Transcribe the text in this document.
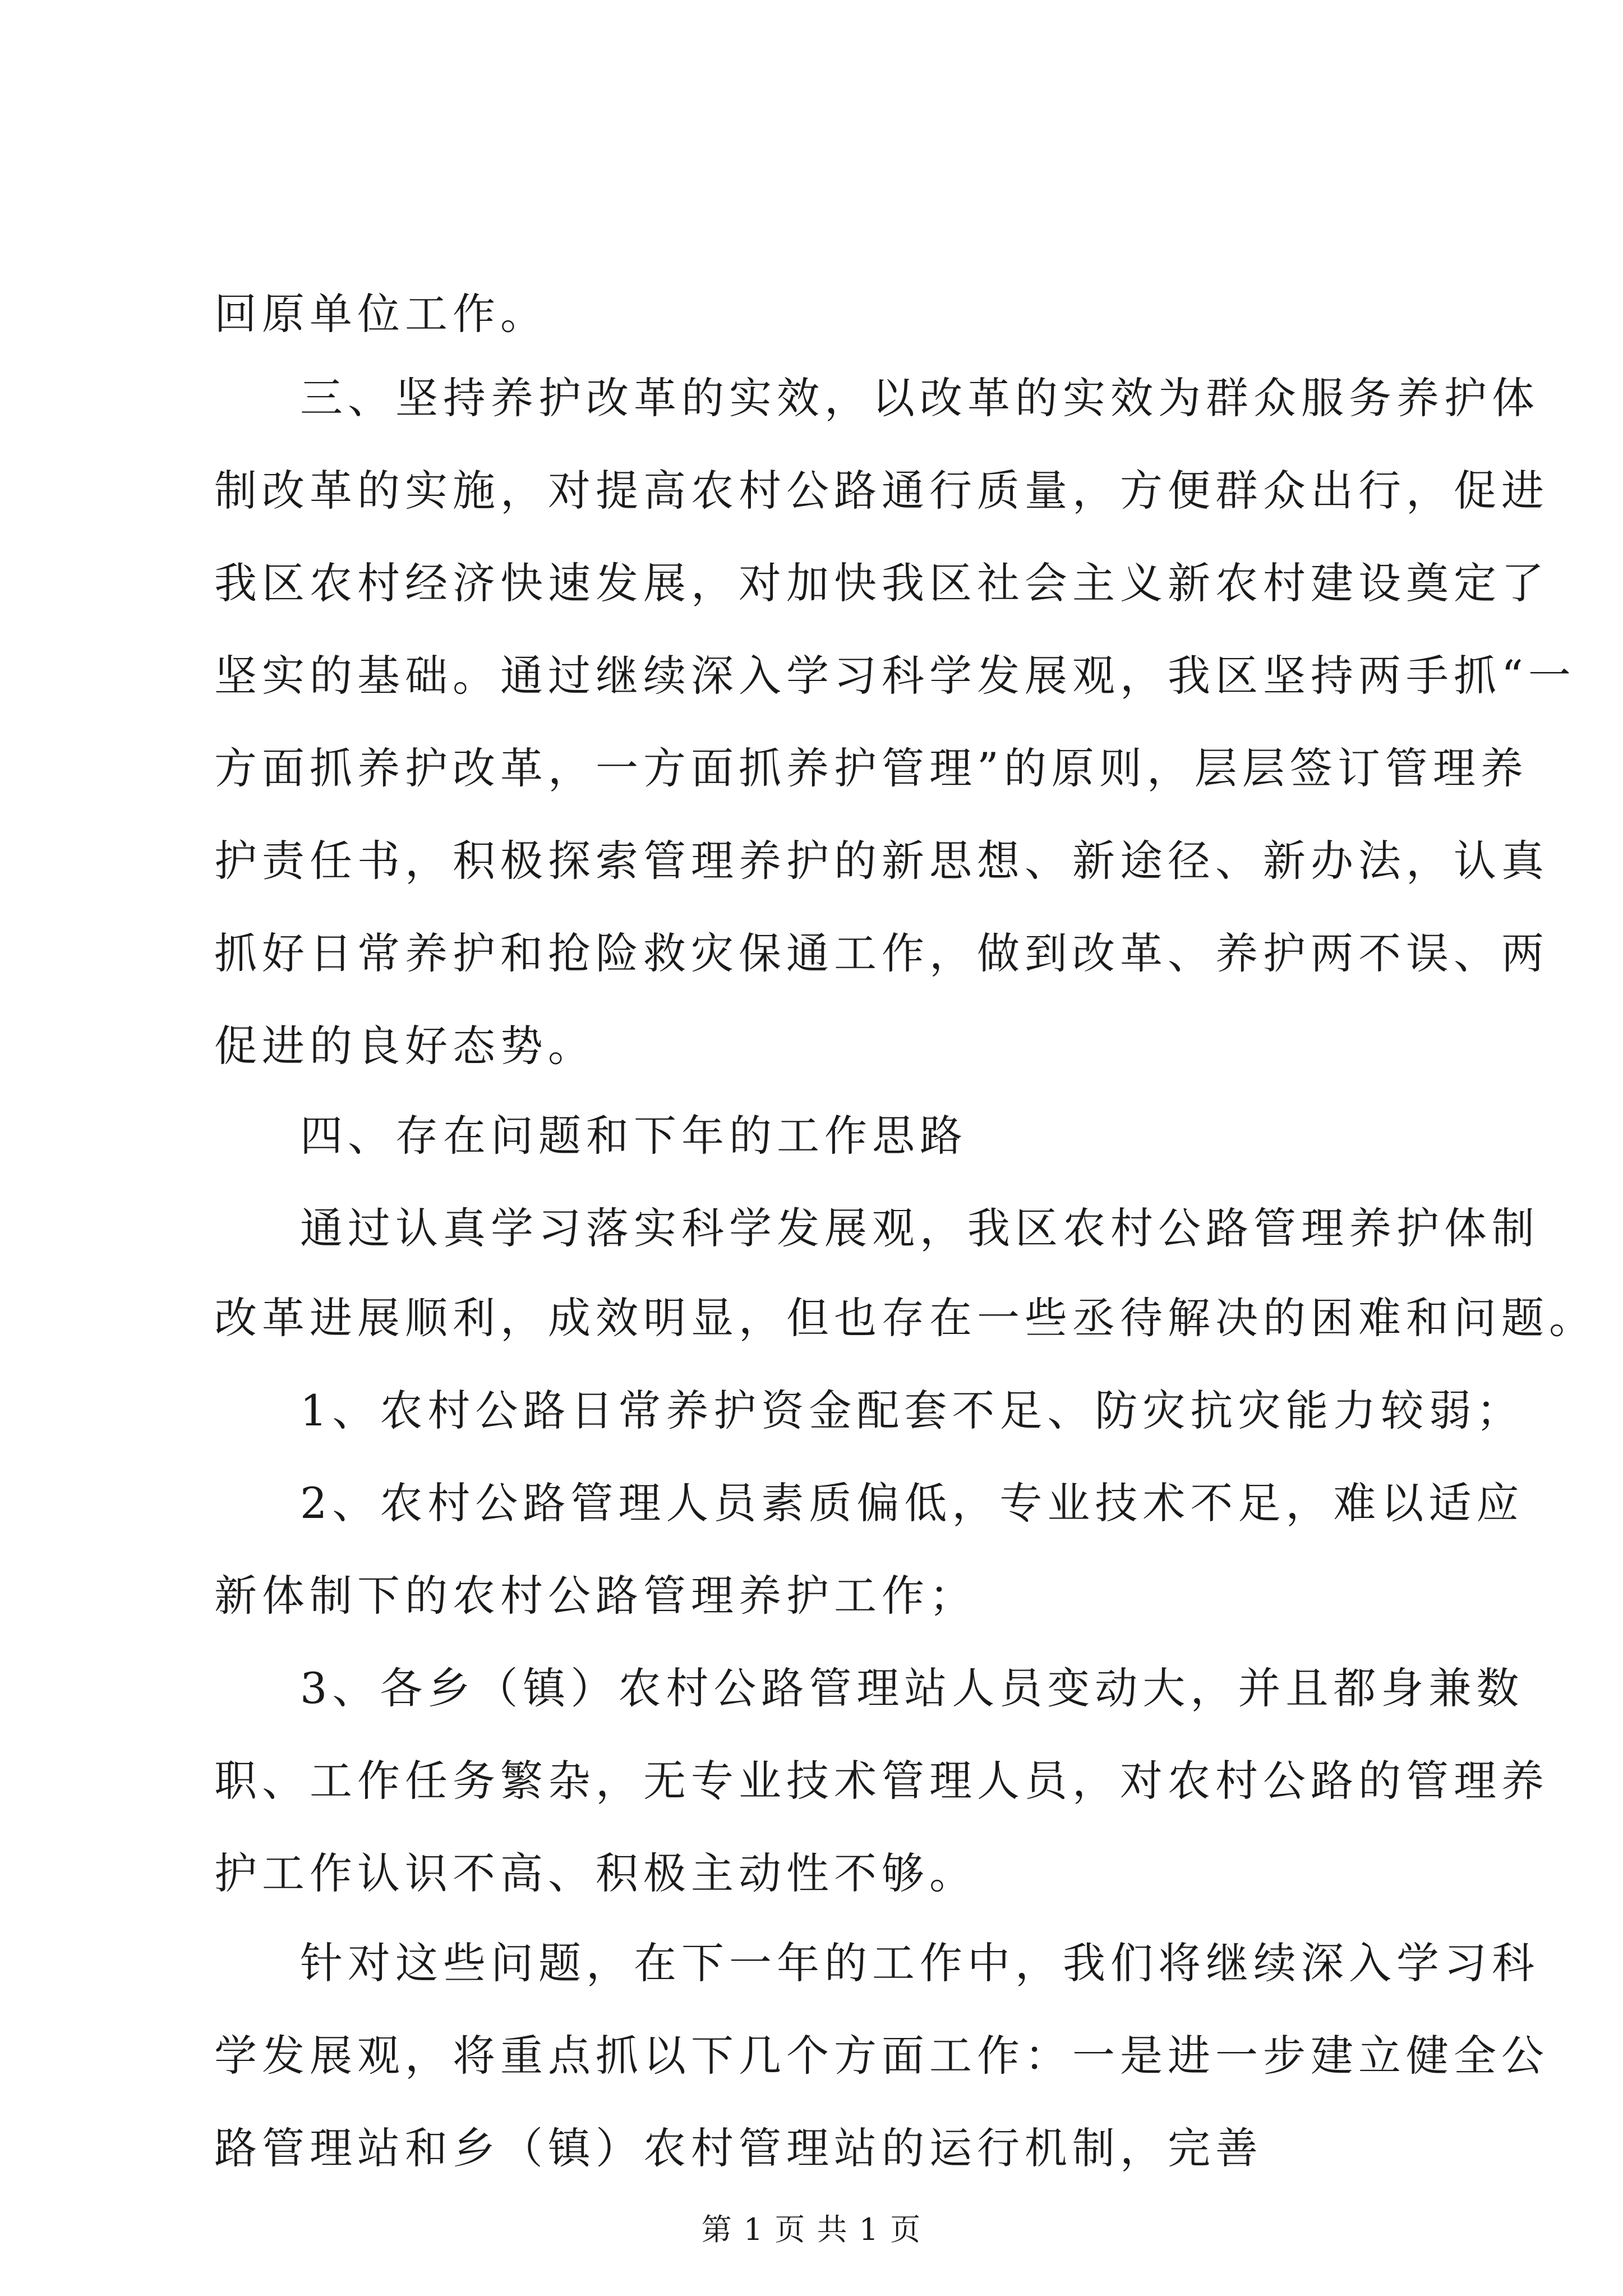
回原单位工作。
三、坚持养护改革的实效，以改革的实效为群众服务养护体
制改革的实施，对提高农村公路通行质量，方便群众出行，促进
我区农村经济快速发展，对加快我区社会主义新农村建设奠定了
坚实的基础。通过继续深入学习科学发展观，我区坚持两手抓“一
方面抓养护改革，一方面抓养护管理”的原则，层层签订管理养
护责任书，积极探索管理养护的新思想、新途径、新办法，认真
抓好日常养护和抢险救灾保通工作，做到改革、养护两不误、两
促进的良好态势。
四、存在问题和下年的工作思路
通过认真学习落实科学发展观，我区农村公路管理养护体制
改革进展顺利，成效明显，但也存在一些丞待解决的困难和问题。
1、农村公路日常养护资金配套不足、防灾抗灾能力较弱；
2、农村公路管理人员素质偏低，专业技术不足，难以适应
新体制下的农村公路管理养护工作；
3、各乡（镇）农村公路管理站人员变动大，并且都身兼数
职、工作任务繁杂，无专业技术管理人员，对农村公路的管理养
护工作认识不高、积极主动性不够。
针对这些问题，在下一年的工作中，我们将继续深入学习科
学发展观，将重点抓以下几个方面工作：一是进一步建立健全公
路管理站和乡（镇）农村管理站的运行机制，完善
第 1 页 共 1 页
